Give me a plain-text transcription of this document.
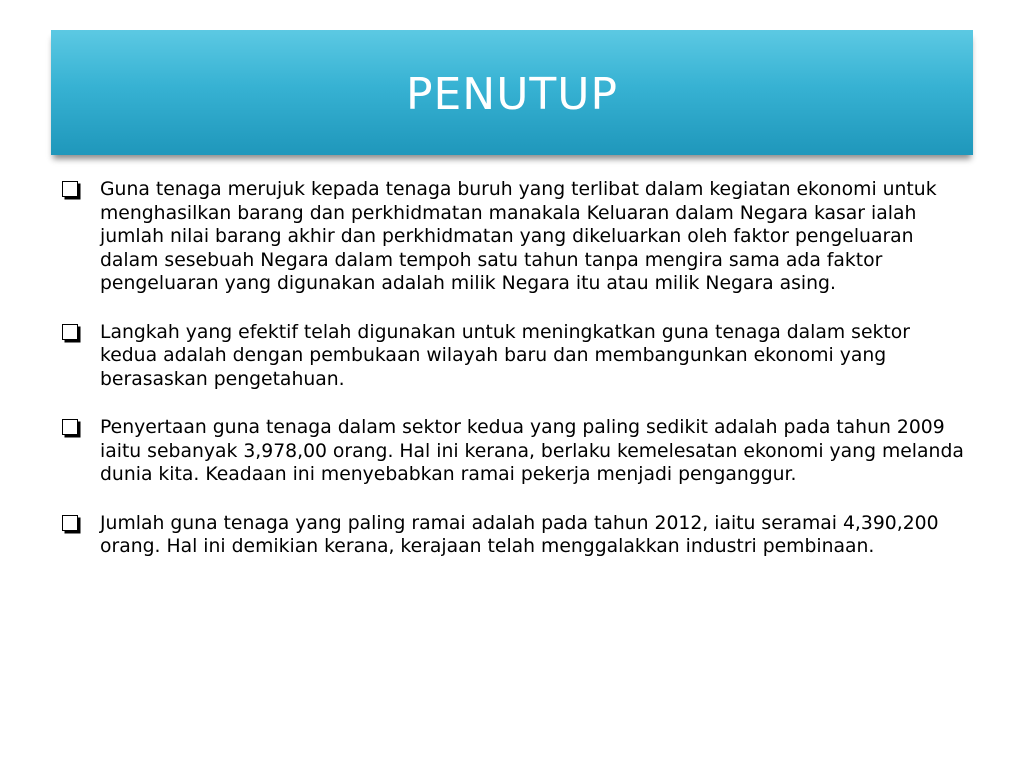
PENUTUP
Guna tenaga merujuk kepada tenaga buruh yang terlibat dalam kegiatan ekonomi untuk menghasilkan barang dan perkhidmatan manakala Keluaran dalam Negara kasar ialah jumlah nilai barang akhir dan perkhidmatan yang dikeluarkan oleh faktor pengeluaran dalam sesebuah Negara dalam tempoh satu tahun tanpa mengira sama ada faktor pengeluaran yang digunakan adalah milik Negara itu atau milik Negara asing.
Langkah yang efektif telah digunakan untuk meningkatkan guna tenaga dalam sektor kedua adalah dengan pembukaan wilayah baru dan membangunkan ekonomi yang berasaskan pengetahuan.
Penyertaan guna tenaga dalam sektor kedua yang paling sedikit adalah pada tahun 2009 iaitu sebanyak 3,978,00 orang. Hal ini kerana, berlaku kemelesatan ekonomi yang melanda dunia kita. Keadaan ini menyebabkan ramai pekerja menjadi penganggur.
Jumlah guna tenaga yang paling ramai adalah pada tahun 2012, iaitu seramai 4,390,200 orang. Hal ini demikian kerana, kerajaan telah menggalakkan industri pembinaan.
